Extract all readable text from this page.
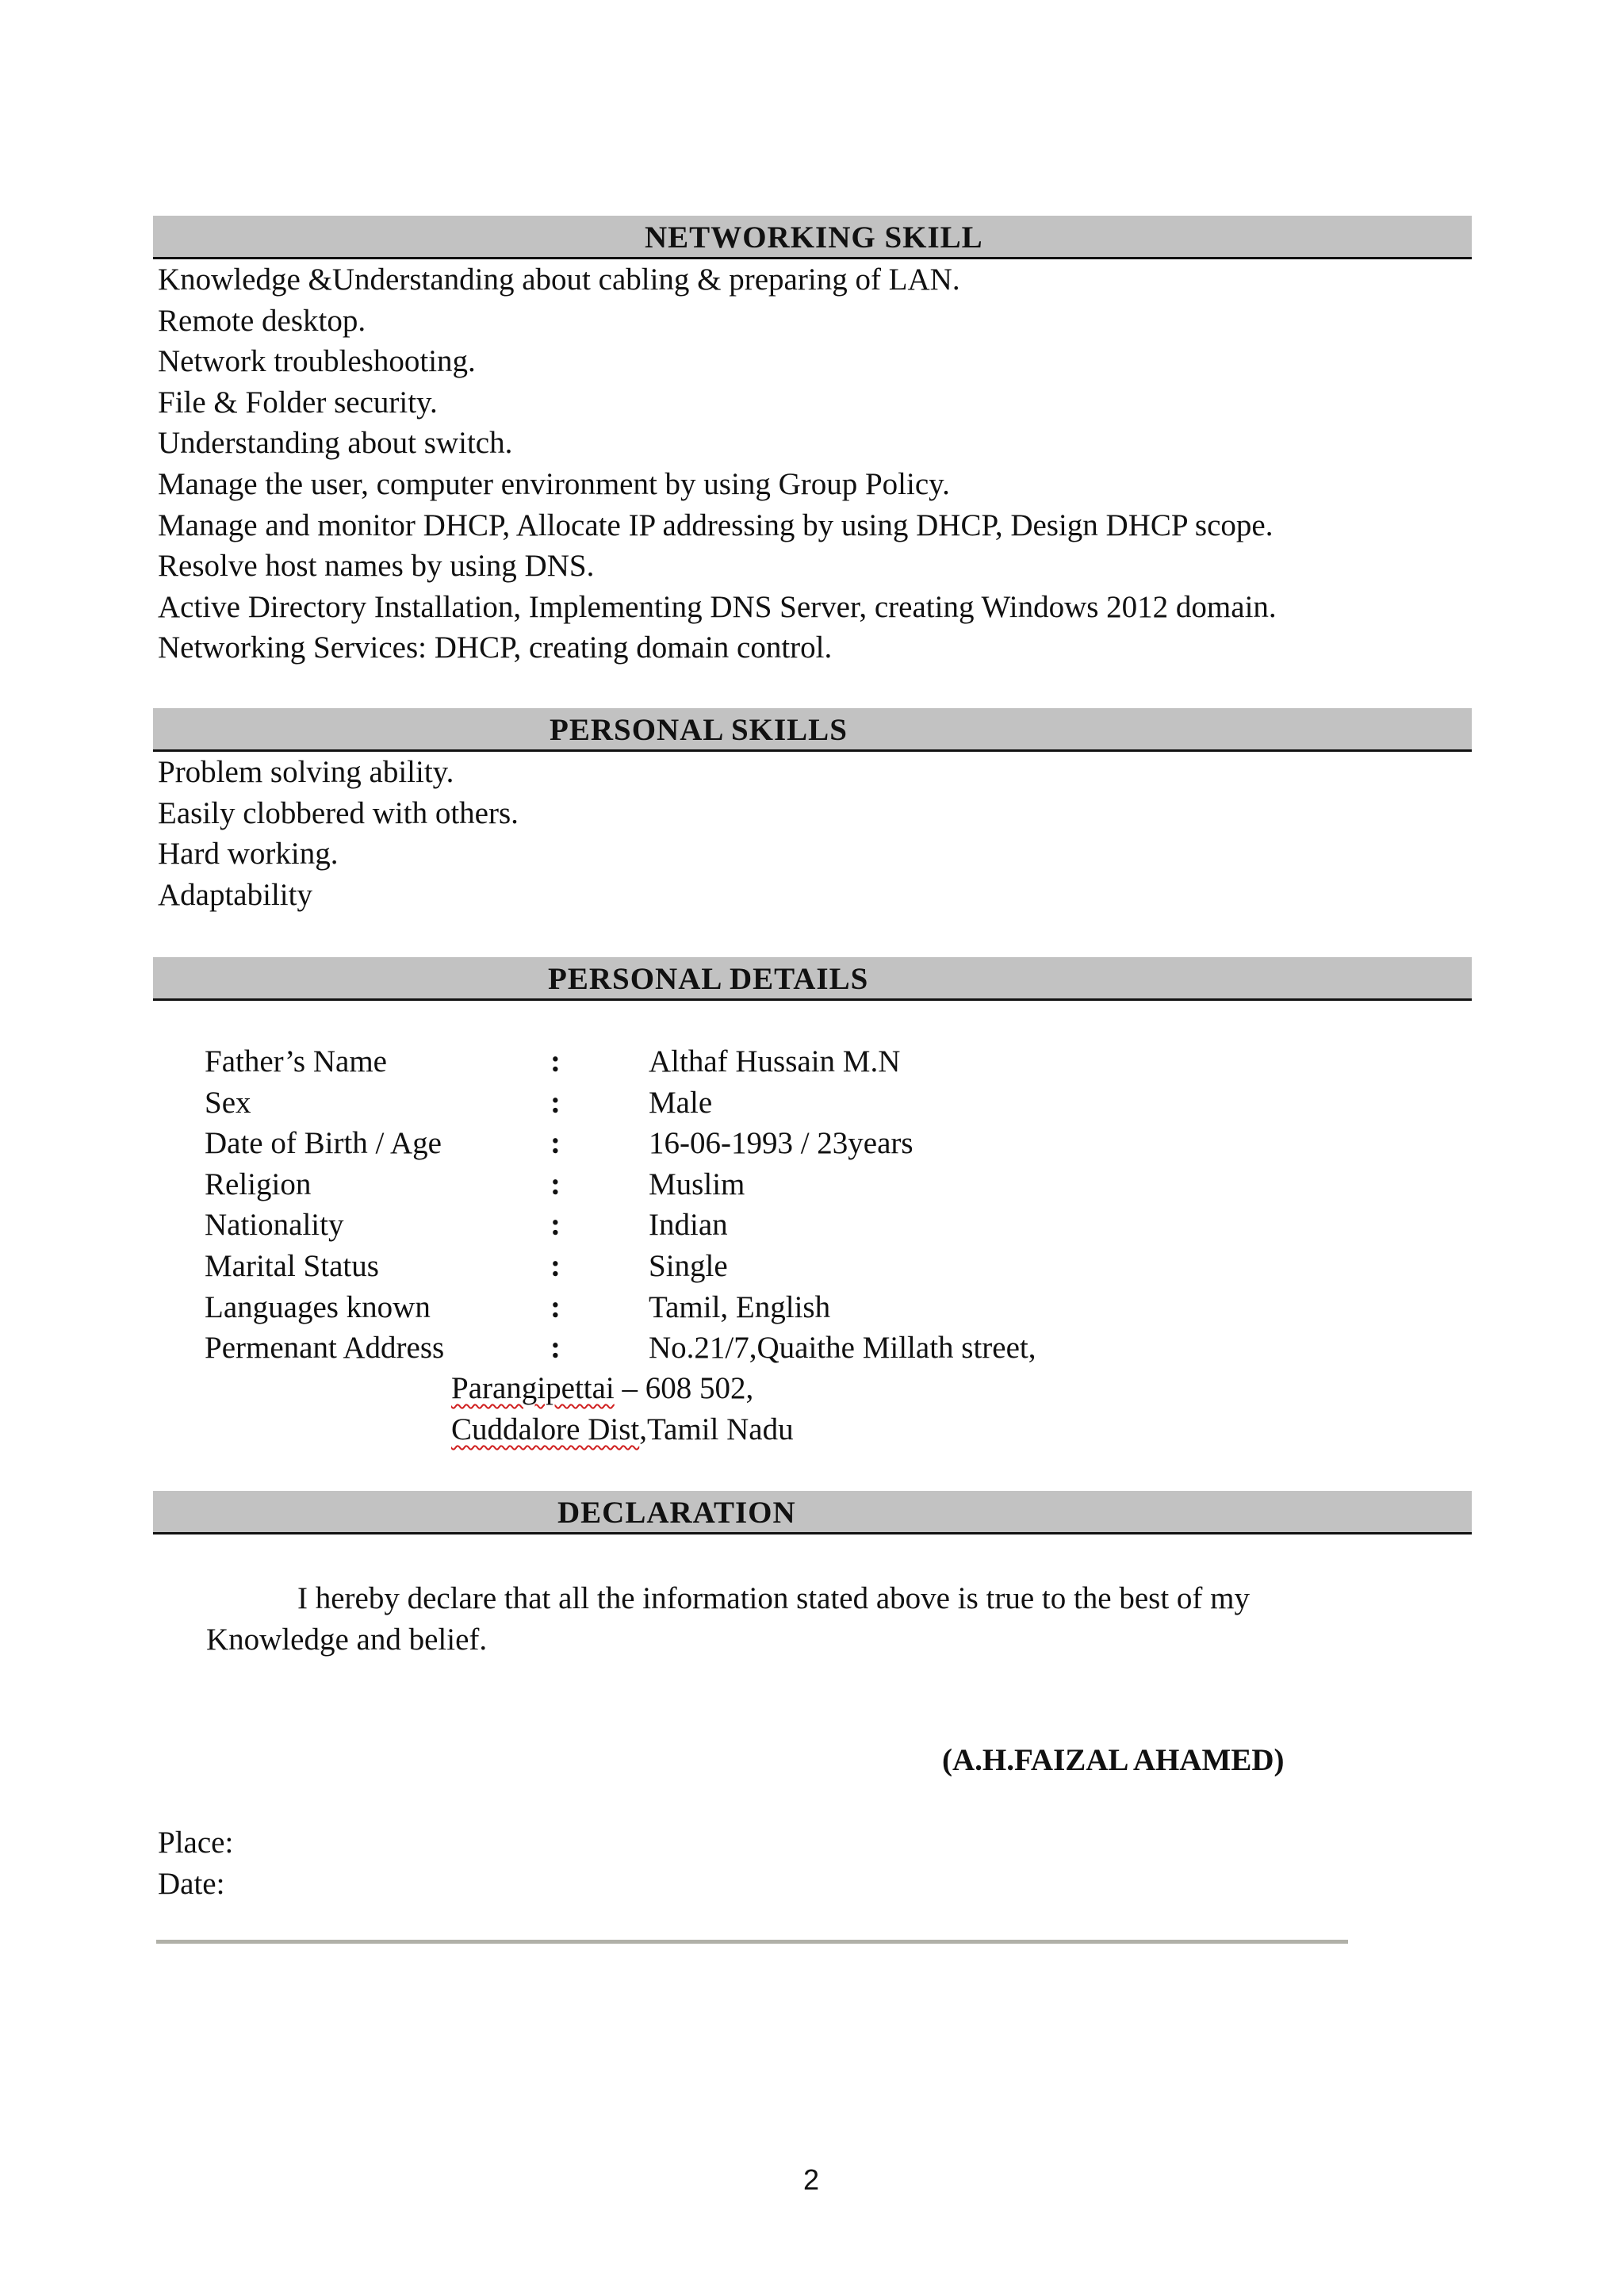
NETWORKING SKILL
Knowledge &Understanding about cabling & preparing of LAN.
Remote desktop.
Network troubleshooting.
File & Folder security.
Understanding about switch.
Manage the user, computer environment by using Group Policy.
Manage and monitor DHCP, Allocate IP addressing by using DHCP, Design DHCP scope.
Resolve host names by using DNS.
Active Directory Installation, Implementing DNS Server, creating Windows 2012 domain.
Networking Services: DHCP, creating domain control.
PERSONAL SKILLS
Problem solving ability.
Easily clobbered with others.
Hard working.
Adaptability
PERSONAL DETAILS
Father’s Name	:	Althaf Hussain M.N
Sex	:	Male
Date of Birth / Age	:	16-06-1993 / 23years
Religion	:	Muslim
Nationality	:	Indian
Marital Status	:	Single
Languages known	:	Tamil, English
Permenant Address	:	No.21/7,Quaithe Millath street,
Parangipettai – 608 502,
Cuddalore Dist,Tamil Nadu
DECLARATION
I hereby declare that all the information stated above is true to the best of my
Knowledge and belief.
(A.H.FAIZAL AHAMED)
Place:
Date:
2
